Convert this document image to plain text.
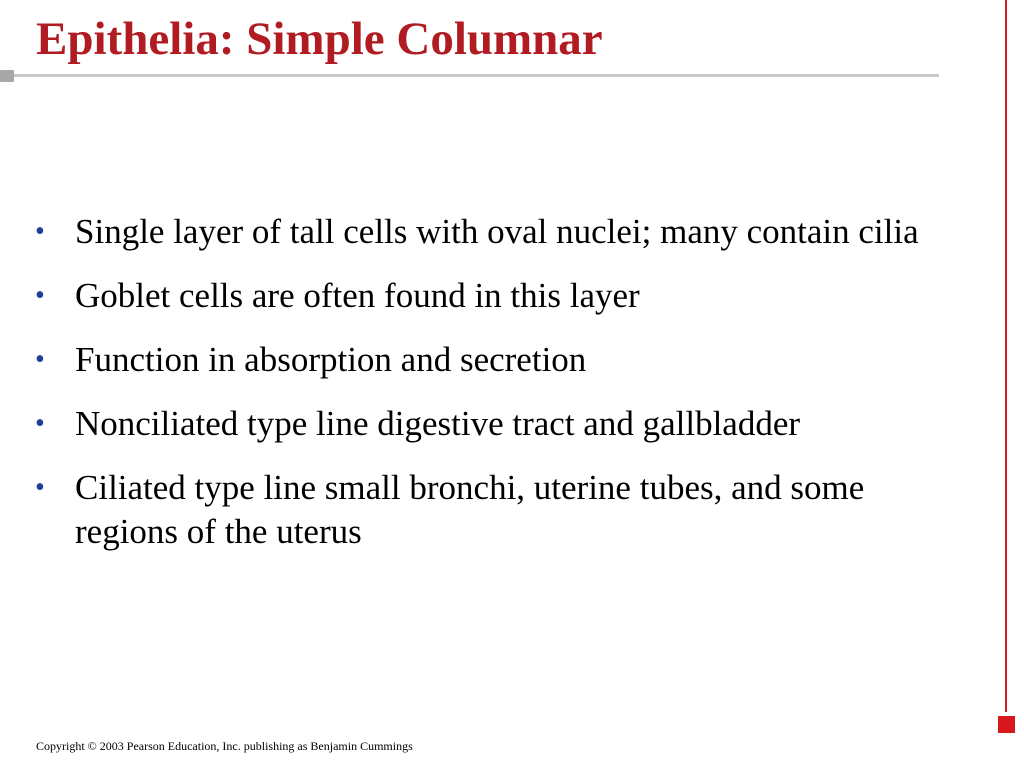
Epithelia: Simple Columnar
• Single layer of tall cells with oval nuclei; many contain cilia
• Goblet cells are often found in this layer
• Function in absorption and secretion
• Nonciliated type line digestive tract and gallbladder
• Ciliated type line small bronchi, uterine tubes, and some regions of the uterus

Copyright © 2003 Pearson Education, Inc. publishing as Benjamin Cummings
